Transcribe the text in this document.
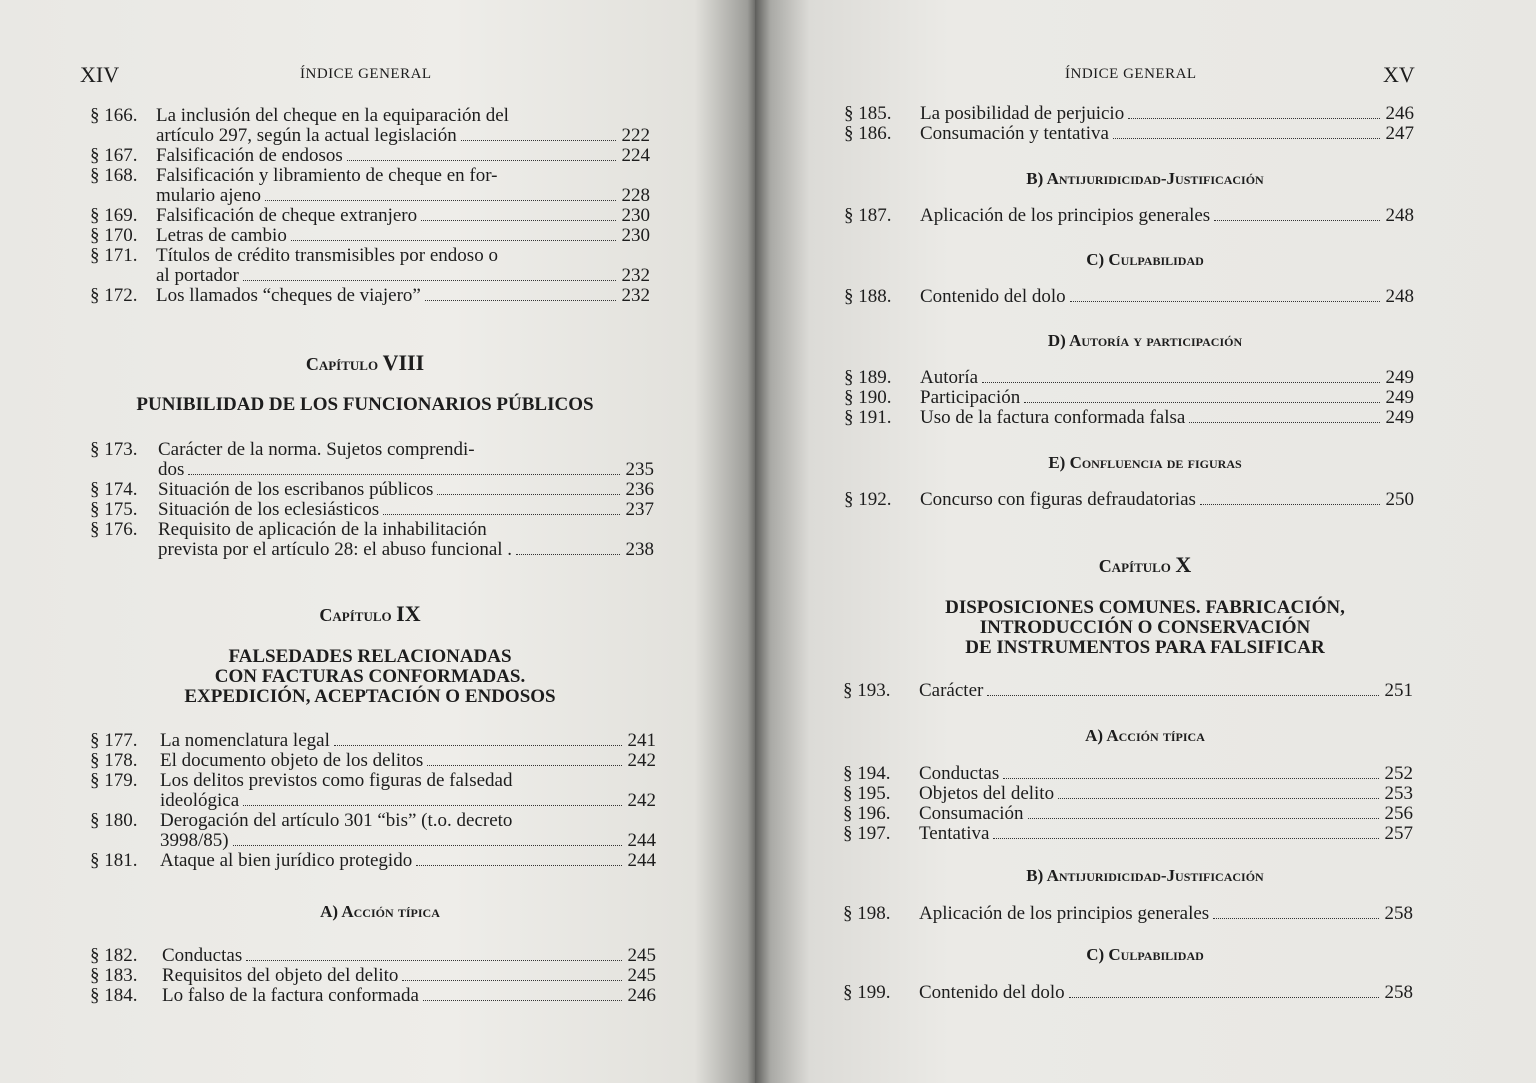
XIV	ÍNDICE GENERAL
§ 166. La inclusión del cheque en la equiparación del
artículo 297, según la actual legislación	222
§ 167. Falsificación de endosos	224
§ 168. Falsificación y libramiento de cheque en for-
mulario ajeno	228
§ 169. Falsificación de cheque extranjero	230
§ 170. Letras de cambio	230
§ 171. Títulos de crédito transmisibles por endoso o
al portador	232
§ 172. Los llamados “cheques de viajero”	232
Capítulo VIII
PUNIBILIDAD DE LOS FUNCIONARIOS PÚBLICOS
§ 173. Carácter de la norma. Sujetos comprendi-
dos	235
§ 174. Situación de los escribanos públicos	236
§ 175. Situación de los eclesiásticos	237
§ 176. Requisito de aplicación de la inhabilitación
prevista por el artículo 28: el abuso funcional .	238
Capítulo IX
FALSEDADES RELACIONADAS
CON FACTURAS CONFORMADAS.
EXPEDICIÓN, ACEPTACIÓN O ENDOSOS
§ 177. La nomenclatura legal	241
§ 178. El documento objeto de los delitos	242
§ 179. Los delitos previstos como figuras de falsedad
ideológica	242
§ 180. Derogación del artículo 301 “bis” (t.o. decreto
3998/85)	244
§ 181. Ataque al bien jurídico protegido	244
A) Acción típica
§ 182. Conductas	245
§ 183. Requisitos del objeto del delito	245
§ 184. Lo falso de la factura conformada	246
ÍNDICE GENERAL	XV
§ 185. La posibilidad de perjuicio	246
§ 186. Consumación y tentativa	247
B) Antijuridicidad-Justificación
§ 187. Aplicación de los principios generales	248
C) Culpabilidad
§ 188. Contenido del dolo	248
D) Autoría y participación
§ 189. Autoría	249
§ 190. Participación	249
§ 191. Uso de la factura conformada falsa	249
E) Confluencia de figuras
§ 192. Concurso con figuras defraudatorias	250
Capítulo X
DISPOSICIONES COMUNES. FABRICACIÓN,
INTRODUCCIÓN O CONSERVACIÓN
DE INSTRUMENTOS PARA FALSIFICAR
§ 193. Carácter	251
A) Acción típica
§ 194. Conductas	252
§ 195. Objetos del delito	253
§ 196. Consumación	256
§ 197. Tentativa	257
B) Antijuridicidad-Justificación
§ 198. Aplicación de los principios generales	258
C) Culpabilidad
§ 199. Contenido del dolo	258
